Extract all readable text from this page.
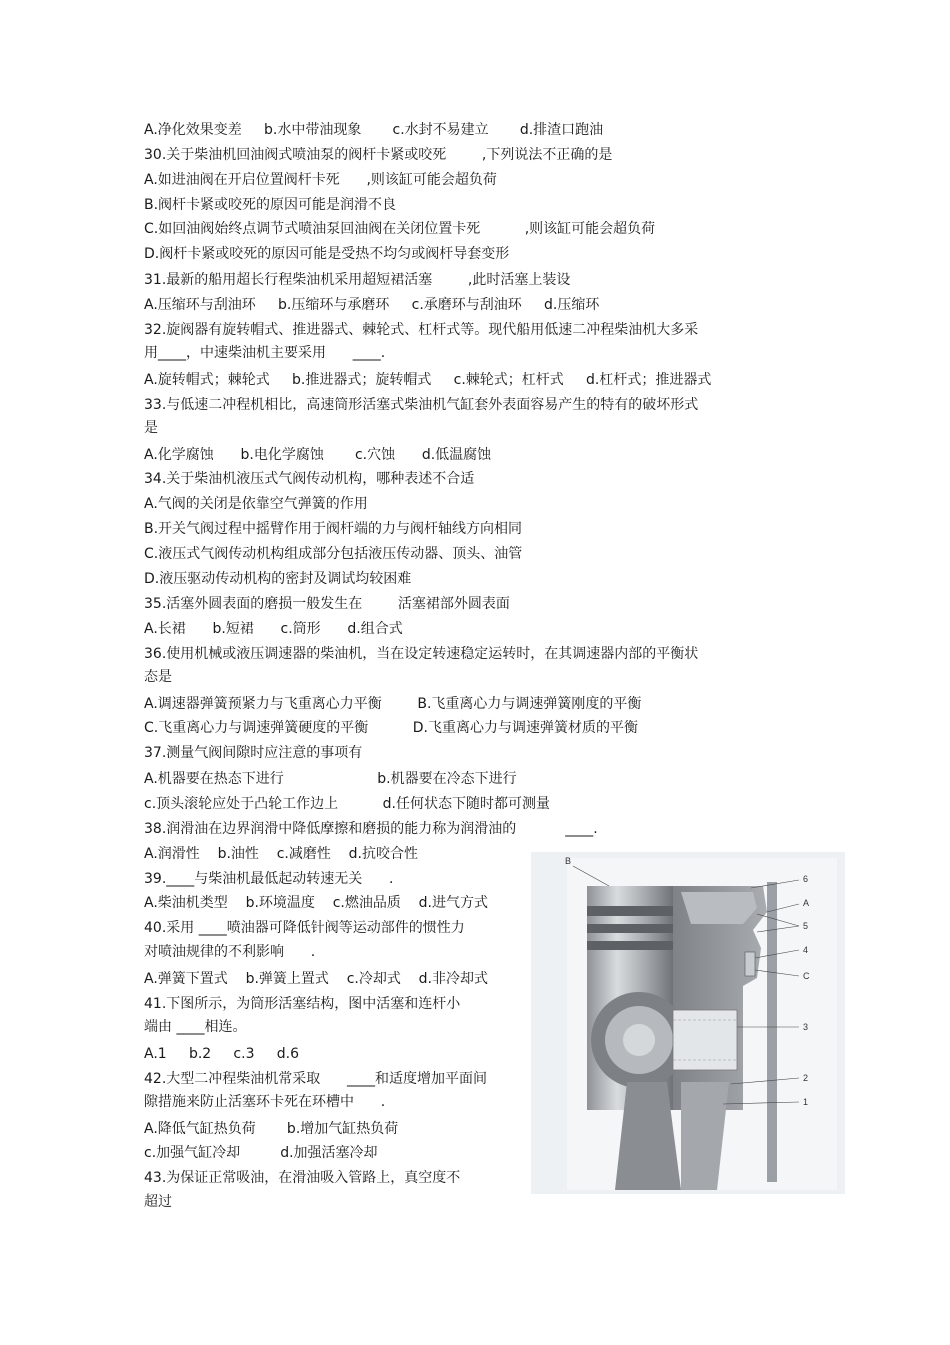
A.净化效果变差     b.水中带油现象       c.水封不易建立       d.排渣口跑油
30.关于柴油机回油阀式喷油泵的阀杆卡紧或咬死        ,下列说法不正确的是
A.如进油阀在开启位置阀杆卡死      ,则该缸可能会超负荷
B.阀杆卡紧或咬死的原因可能是润滑不良
C.如回油阀始终点调节式喷油泵回油阀在关闭位置卡死          ,则该缸可能会超负荷
D.阀杆卡紧或咬死的原因可能是受热不均匀或阀杆导套变形
31.最新的船用超长行程柴油机采用超短裙活塞        ,此时活塞上装设
A.压缩环与刮油环     b.压缩环与承磨环     c.承磨环与刮油环     d.压缩环
32.旋阀器有旋转帽式、推进器式、棘轮式、杠杆式等。现代船用低速二冲程柴油机大多采
用____，中速柴油机主要采用      ____.
A.旋转帽式；棘轮式     b.推进器式；旋转帽式     c.棘轮式；杠杆式     d.杠杆式；推进器式
33.与低速二冲程机相比，高速筒形活塞式柴油机气缸套外表面容易产生的特有的破坏形式
是
A.化学腐蚀      b.电化学腐蚀       c.穴蚀      d.低温腐蚀
34.关于柴油机液压式气阀传动机构，哪种表述不合适
A.气阀的关闭是依靠空气弹簧的作用
B.开关气阀过程中摇臂作用于阀杆端的力与阀杆轴线方向相同
C.液压式气阀传动机构组成部分包括液压传动器、顶头、油管
D.液压驱动传动机构的密封及调试均较困难
35.活塞外圆表面的磨损一般发生在        活塞裙部外圆表面
A.长裙      b.短裙      c.筒形      d.组合式
36.使用机械或液压调速器的柴油机，当在设定转速稳定运转时，在其调速器内部的平衡状
态是
A.调速器弹簧预紧力与飞重离心力平衡        B.飞重离心力与调速弹簧刚度的平衡
C.飞重离心力与调速弹簧硬度的平衡          D.飞重离心力与调速弹簧材质的平衡
37.测量气阀间隙时应注意的事项有
A.机器要在热态下进行                     b.机器要在冷态下进行
c.顶头滚轮应处于凸轮工作边上          d.任何状态下随时都可测量
38.润滑油在边界润滑中降低摩擦和磨损的能力称为润滑油的           ____.
A.润滑性    b.油性    c.减磨性    d.抗咬合性
39.____与柴油机最低起动转速无关      .
A.柴油机类型    b.环境温度    c.燃油品质    d.进气方式
40.采用 ____喷油器可降低针阀等运动部件的惯性力
对喷油规律的不利影响      .
A.弹簧下置式    b.弹簧上置式    c.冷却式    d.非冷却式
41.下图所示，为筒形活塞结构，图中活塞和连杆小
端由 ____相连。
A.1     b.2     c.3     d.6
42.大型二冲程柴油机常采取      ____和适度增加平面间
隙措施来防止活塞环卡死在环槽中      .
A.降低气缸热负荷       b.增加气缸热负荷
c.加强气缸冷却         d.加强活塞冷却
43.为保证正常吸油，在滑油吸入管路上，真空度不
超过
B
6
A
5
4
C
3
2
1
